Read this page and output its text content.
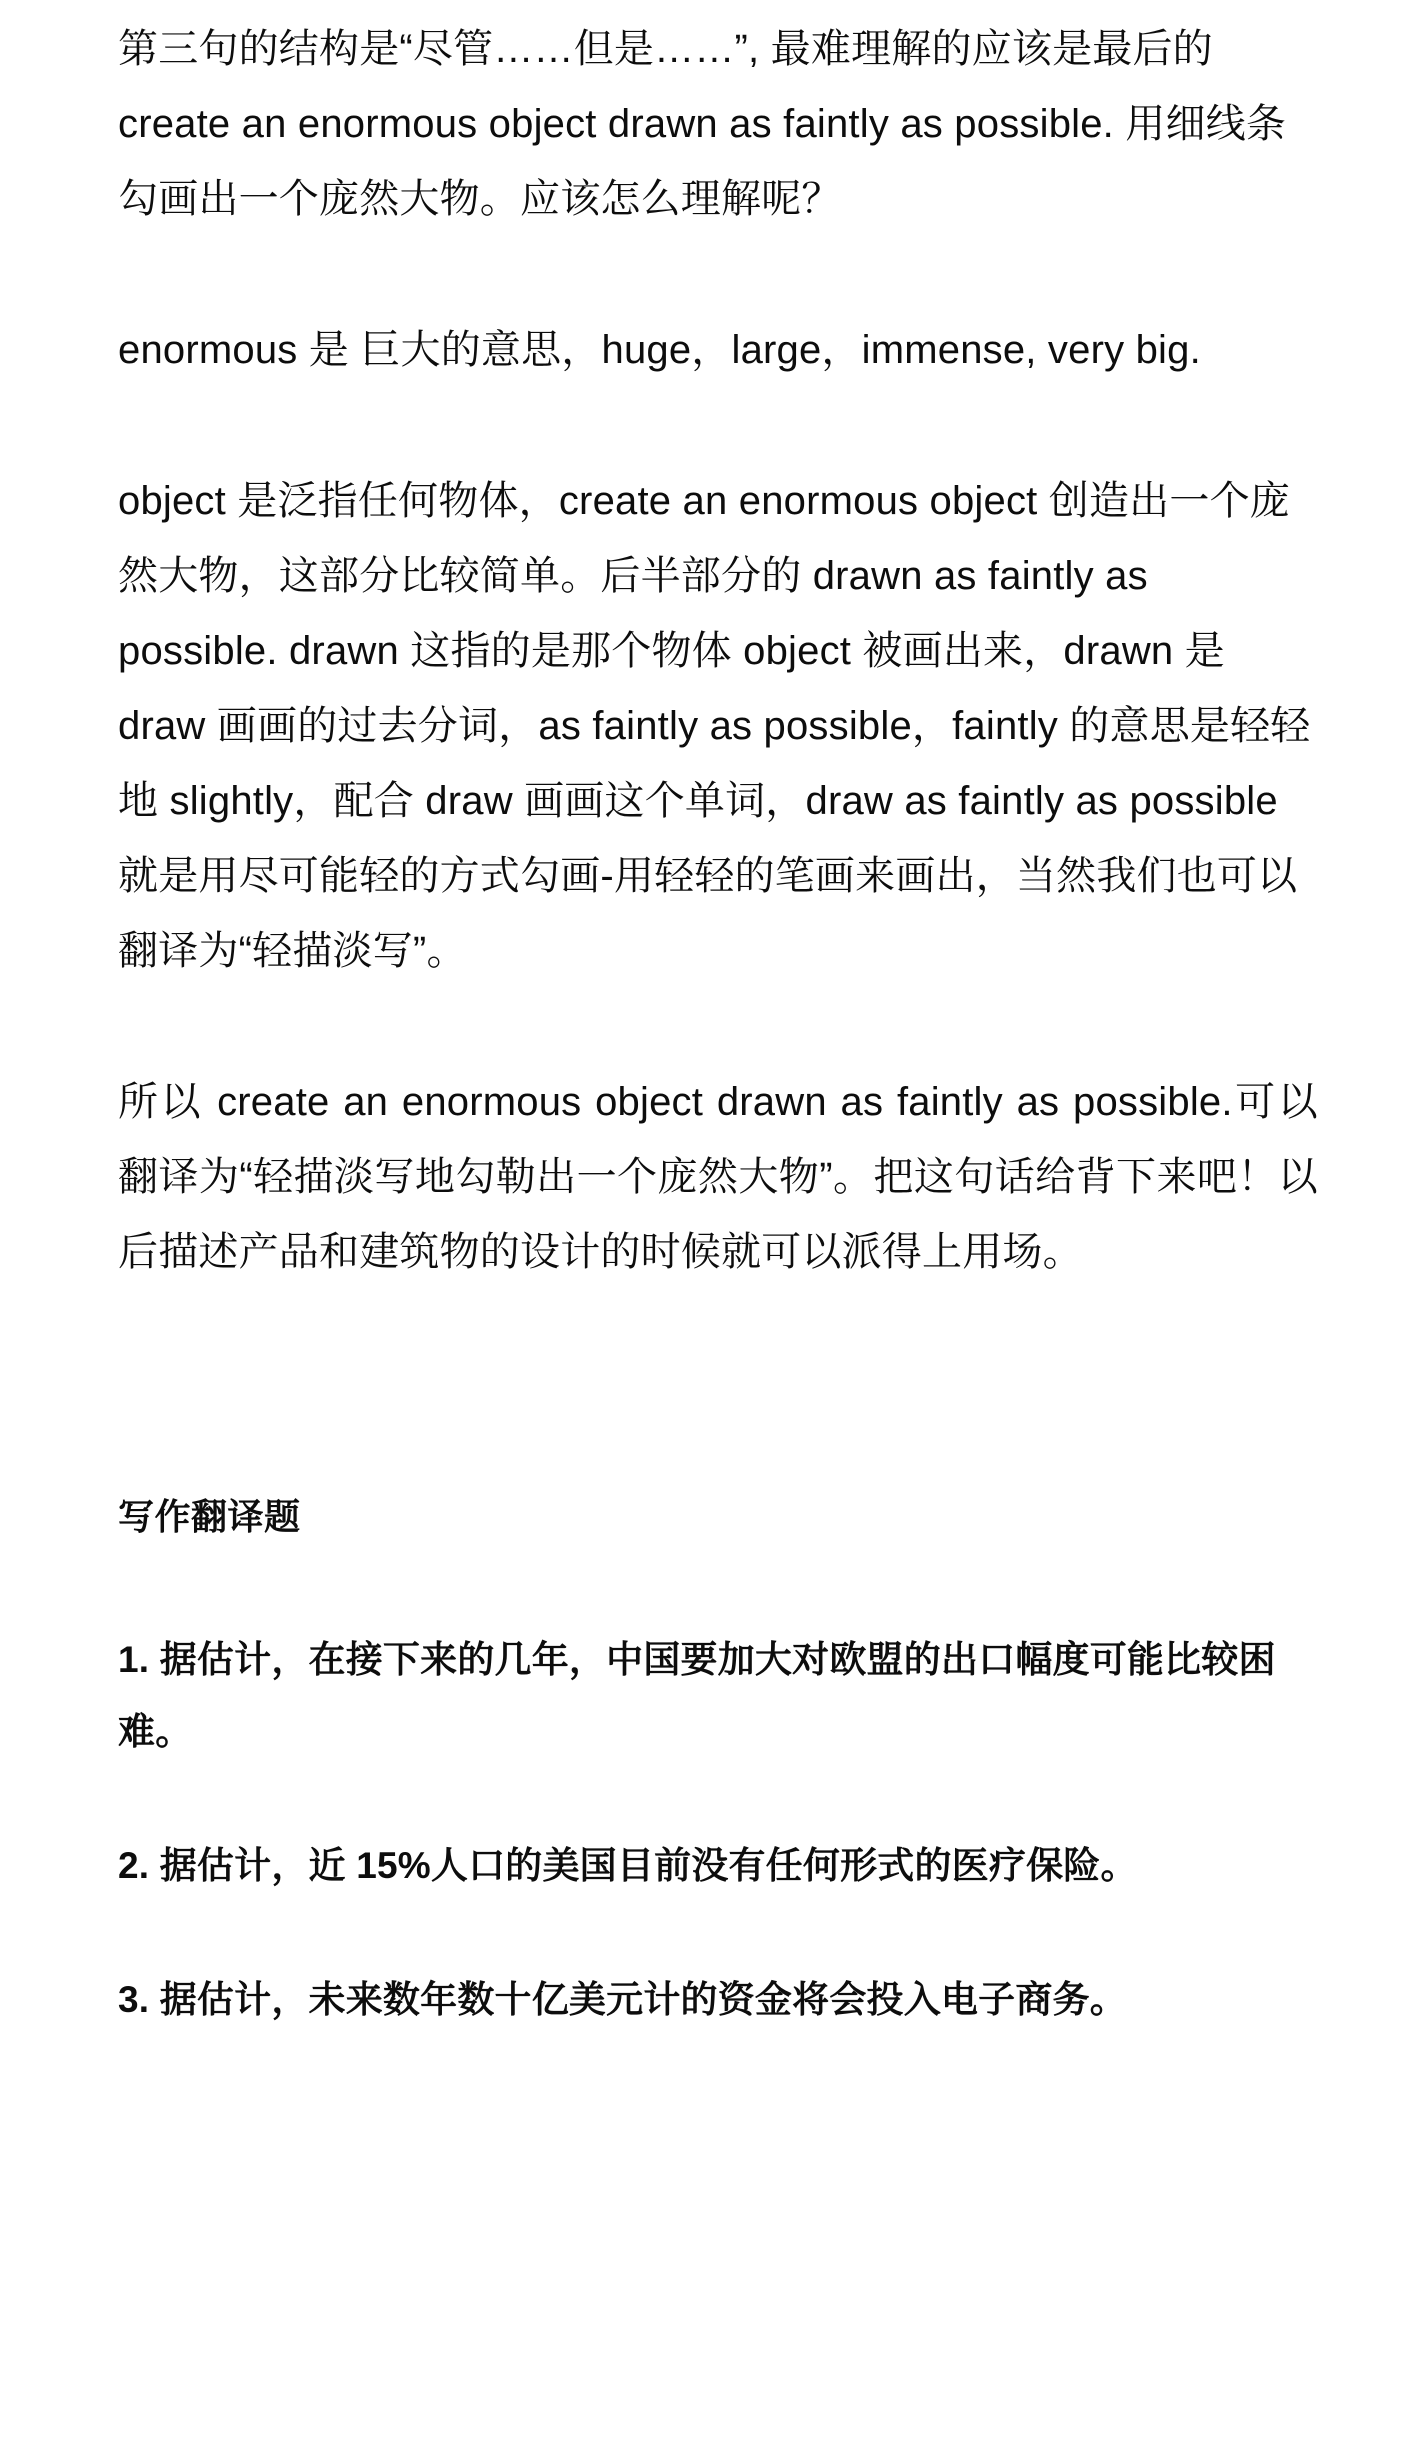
第三句的结构是“尽管……但是……”, 最难理解的应该是最后的 create an enormous object drawn as faintly as possible. 用细线条勾画出一个庞然大物。应该怎么理解呢？

enormous 是 巨大的意思，huge，large，immense, very big.

object 是泛指任何物体，create an enormous object 创造出一个庞然大物，这部分比较简单。后半部分的 drawn as faintly as possible. drawn 这指的是那个物体 object 被画出来，drawn 是 draw 画画的过去分词，as faintly as possible，faintly 的意思是轻轻地 slightly，配合 draw 画画这个单词，draw as faintly as possible 就是用尽可能轻的方式勾画-用轻轻的笔画来画出，当然我们也可以翻译为“轻描淡写”。

所以 create an enormous object drawn as faintly as possible.可以翻译为“轻描淡写地勾勒出一个庞然大物”。把这句话给背下来吧！以后描述产品和建筑物的设计的时候就可以派得上用场。

写作翻译题
1. 据估计，在接下来的几年，中国要加大对欧盟的出口幅度可能比较困难。
2. 据估计，近 15%人口的美国目前没有任何形式的医疗保险。
3. 据估计，未来数年数十亿美元计的资金将会投入电子商务。
